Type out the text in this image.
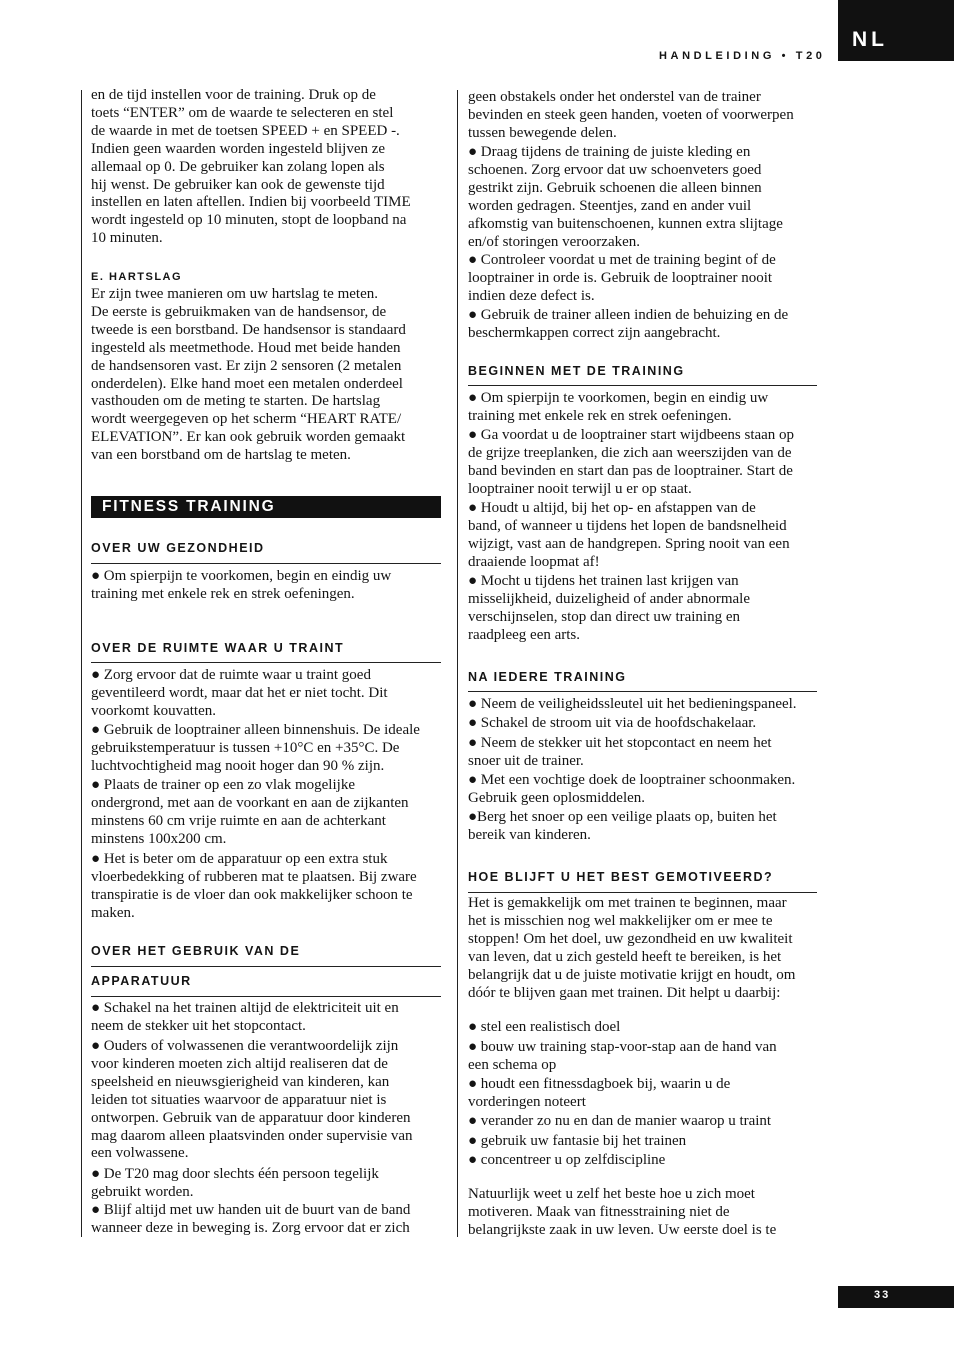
HANDLEIDING • T20
NL

en de tijd instellen voor de training. Druk op de
toets “ENTER” om de waarde te selecteren en stel
de waarde in met de toetsen SPEED + en SPEED -.
Indien geen waarden worden ingesteld blijven ze
allemaal op 0. De gebruiker kan zolang lopen als
hij wenst. De gebruiker kan ook de gewenste tijd
instellen en laten aftellen. Indien bij voorbeeld TIME
wordt ingesteld op 10 minuten, stopt de loopband na
10 minuten.

E. HARTSLAG

Er zijn twee manieren om uw hartslag te meten.
De eerste is gebruikmaken van de handsensor, de
tweede is een borstband. De handsensor is standaard
ingesteld als meetmethode. Houd met beide handen
de handsensoren vast. Er zijn 2 sensoren (2 metalen
onderdelen). Elke hand moet een metalen onderdeel
vasthouden om de meting te starten. De hartslag
wordt weergegeven op het scherm “HEART RATE/
ELEVATION”. Er kan ook gebruik worden gemaakt
van een borstband om de hartslag te meten.

FITNESS TRAINING
OVER UW GEZONDHEID

● Om spierpijn te voorkomen, begin en eindig uw
training met enkele rek en strek oefeningen.

OVER DE RUIMTE WAAR U TRAINT

● Zorg ervoor dat de ruimte waar u traint goed
geventileerd wordt, maar dat het er niet tocht. Dit
voorkomt kouvatten.

● Gebruik de looptrainer alleen binnenshuis. De ideale
gebruikstemperatuur is tussen +10°C en +35°C. De
luchtvochtigheid mag nooit hoger dan 90 % zijn.

● Plaats de trainer op een zo vlak mogelijke
ondergrond, met aan de voorkant en aan de zijkanten
minstens 60 cm vrije ruimte en aan de achterkant
minstens 100x200 cm.

● Het is beter om de apparatuur op een extra stuk
vloerbedekking of rubberen mat te plaatsen. Bij zware
transpiratie is de vloer dan ook makkelijker schoon te
maken.

OVER HET GEBRUIK VAN DE
APPARATUUR

● Schakel na het trainen altijd de elektriciteit uit en
neem de stekker uit het stopcontact.

● Ouders of volwassenen die verantwoordelijk zijn
voor kinderen moeten zich altijd realiseren dat de
speelsheid en nieuwsgierigheid van kinderen, kan
leiden tot situaties waarvoor de apparatuur niet is
ontworpen. Gebruik van de apparatuur door kinderen
mag daarom alleen plaatsvinden onder supervisie van
een volwassene.

● De T20 mag door slechts één persoon tegelijk
gebruikt worden.

● Blijf altijd met uw handen uit de buurt van de band
wanneer deze in beweging is. Zorg ervoor dat er zich

geen obstakels onder het onderstel van de trainer
bevinden en steek geen handen, voeten of voorwerpen
tussen bewegende delen.

● Draag tijdens de training de juiste kleding en
schoenen. Zorg ervoor dat uw schoenveters goed
gestrikt zijn. Gebruik schoenen die alleen binnen
worden gedragen. Steentjes, zand en ander vuil
afkomstig van buitenschoenen, kunnen extra slijtage
en/of storingen veroorzaken.

● Controleer voordat u met de training begint of de
looptrainer in orde is. Gebruik de looptrainer nooit
indien deze defect is.

● Gebruik de trainer alleen indien de behuizing en de
beschermkappen correct zijn aangebracht.

BEGINNEN MET DE TRAINING

● Om spierpijn te voorkomen, begin en eindig uw
training met enkele rek en strek oefeningen.

● Ga voordat u de looptrainer start wijdbeens staan op
de grijze treeplanken, die zich aan weerszijden van de
band bevinden en start dan pas de looptrainer. Start de
looptrainer nooit terwijl u er op staat.

● Houdt u altijd, bij het op- en afstappen van de
band, of wanneer u tijdens het lopen de bandsnelheid
wijzigt, vast aan de handgrepen. Spring nooit van een
draaiende loopmat af!

● Mocht u tijdens het trainen last krijgen van
misselijkheid, duizeligheid of ander abnormale
verschijnselen, stop dan direct uw training en
raadpleeg een arts.

NA IEDERE TRAINING

● Neem de veiligheidssleutel uit het bedieningspaneel.

● Schakel de stroom uit via de hoofdschakelaar.

● Neem de stekker uit het stopcontact en neem het
snoer uit de trainer.

● Met een vochtige doek de looptrainer schoonmaken.
Gebruik geen oplosmiddelen.

●Berg het snoer op een veilige plaats op, buiten het
bereik van kinderen.

HOE BLIJFT U HET BEST GEMOTIVEERD?

Het is gemakkelijk om met trainen te beginnen, maar
het is misschien nog wel makkelijker om er mee te
stoppen! Om het doel, uw gezondheid en uw kwaliteit
van leven, dat u zich gesteld heeft te bereiken, is het
belangrijk dat u de juiste motivatie krijgt en houdt, om
dóór te blijven gaan met trainen. Dit helpt u daarbij:

● stel een realistisch doel

● bouw uw training stap-voor-stap aan de hand van
een schema op

● houdt een fitnessdagboek bij, waarin u de
vorderingen noteert

● verander zo nu en dan de manier waarop u traint

● gebruik uw fantasie bij het trainen

● concentreer u op zelfdiscipline

Natuurlijk weet u zelf het beste hoe u zich moet
motiveren. Maak van fitnesstraining niet de
belangrijkste zaak in uw leven. Uw eerste doel is te

33
